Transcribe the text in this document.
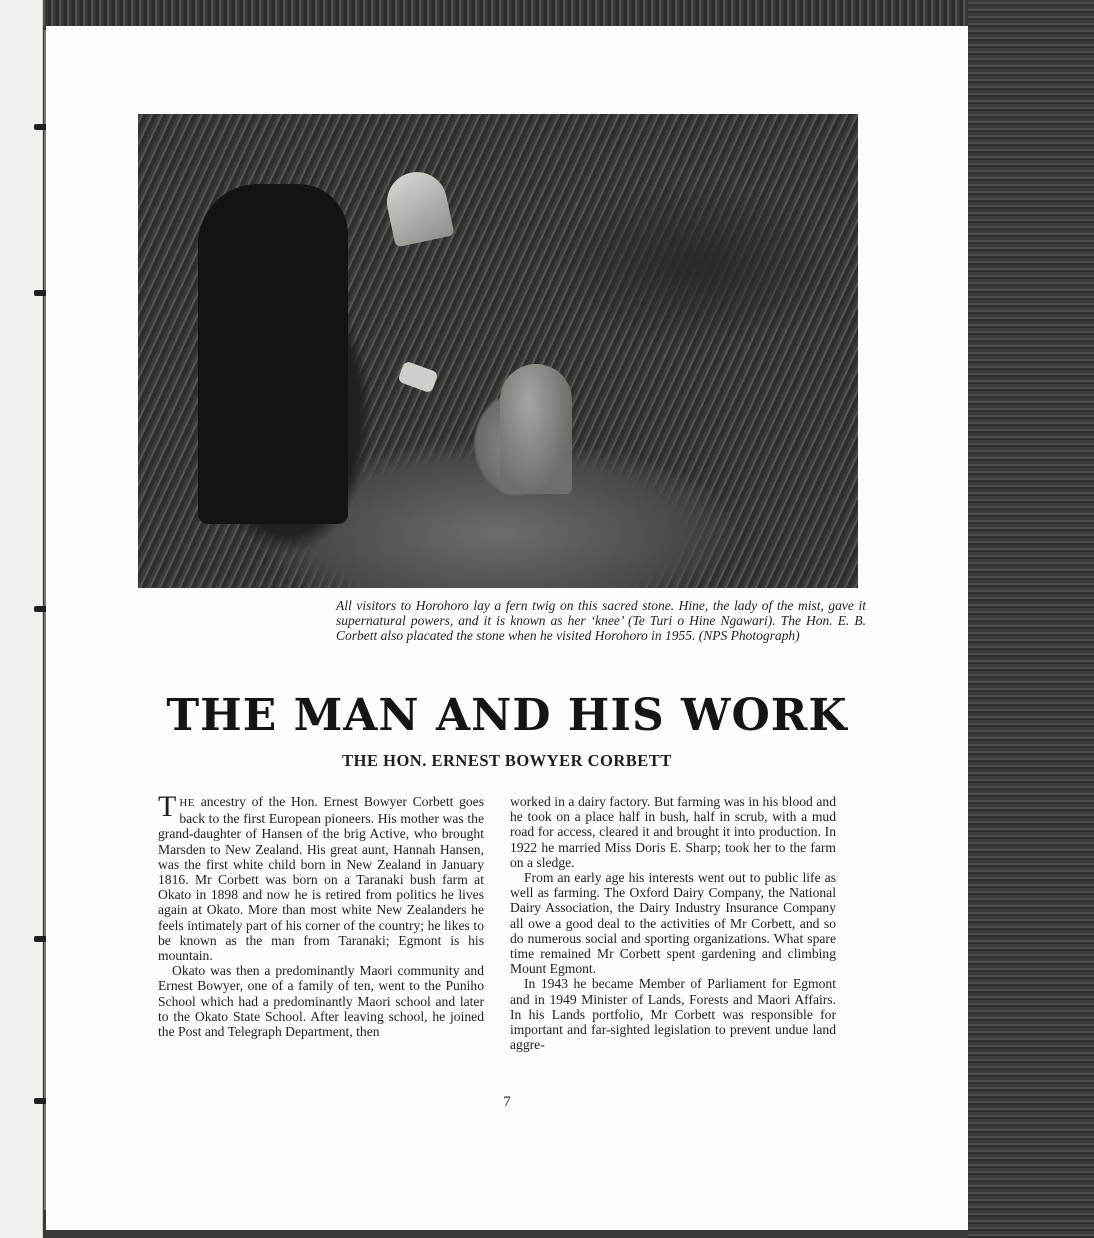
All visitors to Horohoro lay a fern twig on this sacred stone. Hine, the lady of the mist, gave it supernatural powers, and it is known as her ‘knee’ (Te Turi o Hine Ngawari). The Hon. E. B. Corbett also placated the stone when he visited Horohoro in 1955. (NPS Photograph)
THE MAN AND HIS WORK
THE HON. ERNEST BOWYER CORBETT

THE ancestry of the Hon. Ernest Bowyer Corbett goes back to the first European pioneers. His mother was the grand-daughter of Hansen of the brig Active, who brought Marsden to New Zealand. His great aunt, Hannah Hansen, was the first white child born in New Zealand in January 1816. Mr Corbett was born on a Taranaki bush farm at Okato in 1898 and now he is retired from politics he lives again at Okato. More than most white New Zealanders he feels intimately part of his corner of the country; he likes to be known as the man from Taranaki; Egmont is his mountain.

Okato was then a predominantly Maori community and Ernest Bowyer, one of a family of ten, went to the Puniho School which had a predominantly Maori school and later to the Okato State School. After leaving school, he joined the Post and Telegraph Department, then

worked in a dairy factory. But farming was in his blood and he took on a place half in bush, half in scrub, with a mud road for access, cleared it and brought it into production. In 1922 he married Miss Doris E. Sharp; took her to the farm on a sledge.

From an early age his interests went out to public life as well as farming. The Oxford Dairy Company, the National Dairy Association, the Dairy Industry Insurance Company all owe a good deal to the activities of Mr Corbett, and so do numerous social and sporting organizations. What spare time remained Mr Corbett spent gardening and climbing Mount Egmont.

In 1943 he became Member of Parliament for Egmont and in 1949 Minister of Lands, Forests and Maori Affairs. In his Lands portfolio, Mr Corbett was responsible for important and far-sighted legislation to prevent undue land aggre-

7
